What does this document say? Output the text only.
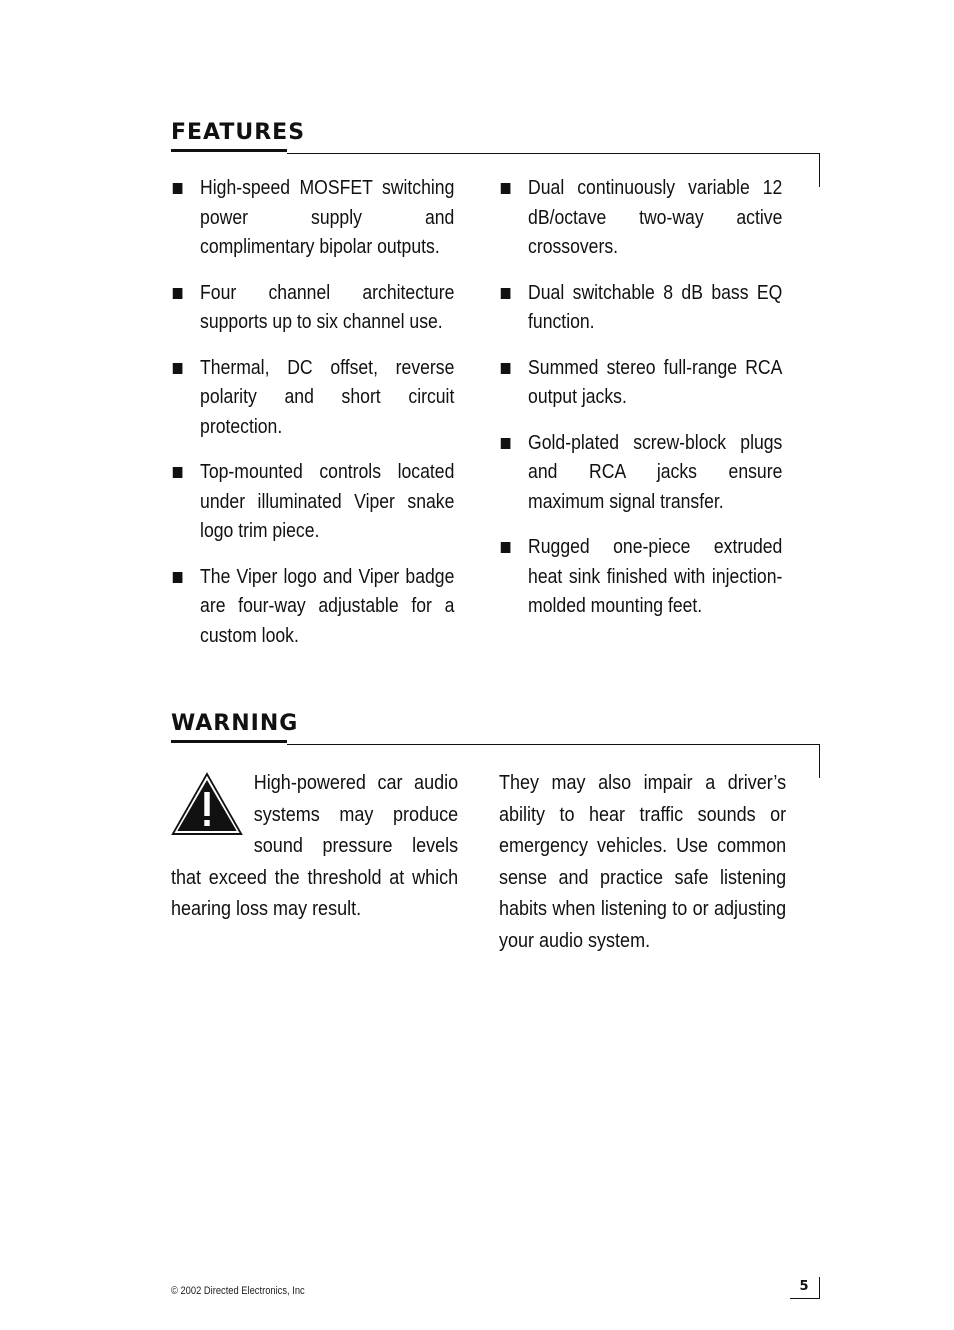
FEATURES
High-speed MOSFET switching power supply and complimentary bipolar outputs.
Four channel architecture supports up to six channel use.
Thermal, DC offset, reverse polarity and short circuit protection.
Top-mounted controls located under illuminated Viper snake logo trim piece.
The Viper logo and Viper badge are four-way adjustable for a custom look.
Dual continuously variable 12 dB/octave two-way active crossovers.
Dual switchable 8 dB bass EQ function.
Summed stereo full-range RCA output jacks.
Gold-plated screw-block plugs and RCA jacks ensure maximum signal transfer.
Rugged one-piece extruded heat sink finished with injection-molded mounting feet.
WARNING
High-powered car audio systems may produce sound pressure levels that exceed the threshold at which hearing loss may result.
They may also impair a driver’s ability to hear traffic sounds or emergency vehicles. Use common sense and practice safe listening habits when listening to or adjusting your audio system.
© 2002 Directed Electronics, Inc	5
